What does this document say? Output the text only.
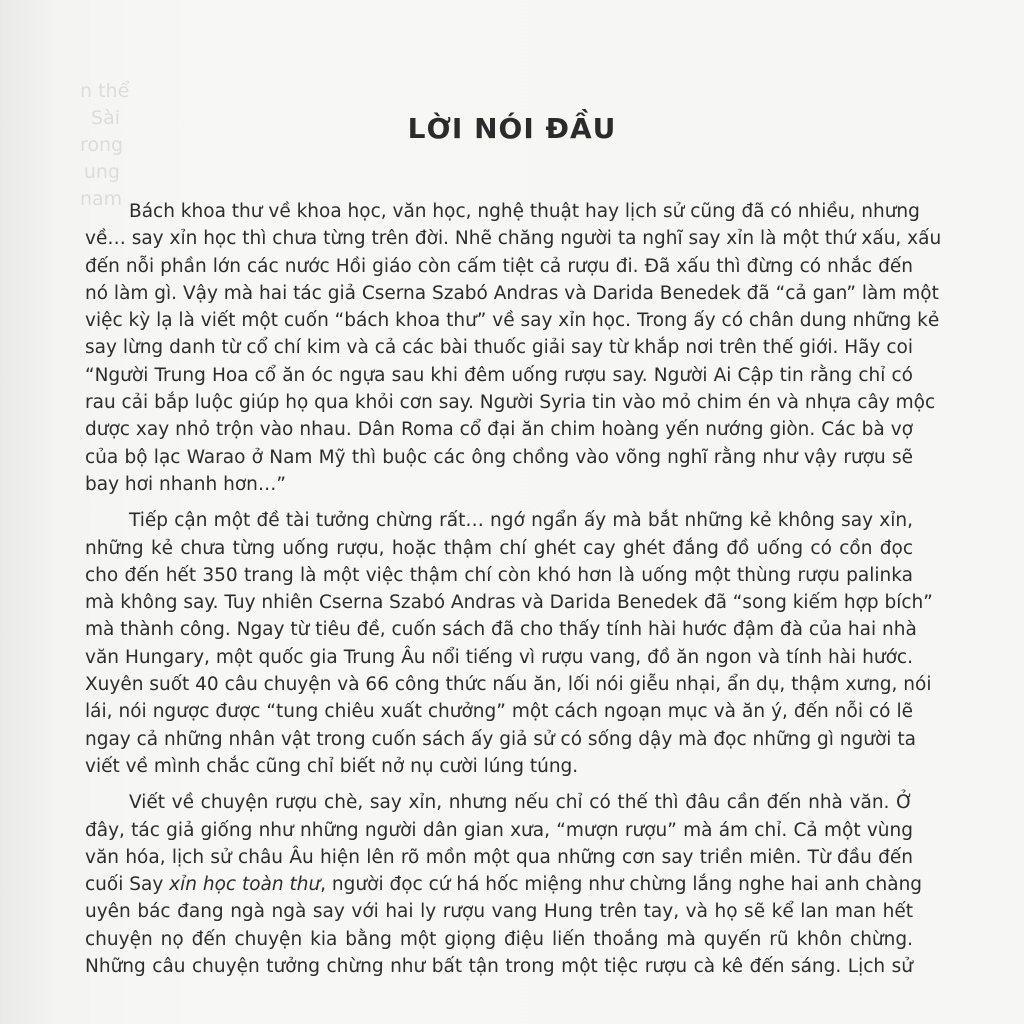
n thể
Sài
rong
ung
nam
LỜI NÓI ĐẦU
Bách khoa thư về khoa học, văn học, nghệ thuật hay lịch sử cũng đã có nhiều, nhưng
về… say xỉn học thì chưa từng trên đời. Nhẽ chăng người ta nghĩ say xỉn là một thứ xấu, xấu
đến nỗi phần lớn các nước Hồi giáo còn cấm tiệt cả rượu đi. Đã xấu thì đừng có nhắc đến
nó làm gì. Vậy mà hai tác giả Cserna Szabó Andras và Darida Benedek đã “cả gan” làm một
việc kỳ lạ là viết một cuốn “bách khoa thư” về say xỉn học. Trong ấy có chân dung những kẻ
say lừng danh từ cổ chí kim và cả các bài thuốc giải say từ khắp nơi trên thế giới. Hãy coi
“Người Trung Hoa cổ ăn óc ngựa sau khi đêm uống rượu say. Người Ai Cập tin rằng chỉ có
rau cải bắp luộc giúp họ qua khỏi cơn say. Người Syria tin vào mỏ chim én và nhựa cây mộc
dược xay nhỏ trộn vào nhau. Dân Roma cổ đại ăn chim hoàng yến nướng giòn. Các bà vợ
của bộ lạc Warao ở Nam Mỹ thì buộc các ông chồng vào võng nghĩ rằng như vậy rượu sẽ
bay hơi nhanh hơn…”
Tiếp cận một đề tài tưởng chừng rất… ngớ ngẩn ấy mà bắt những kẻ không say xỉn,
những kẻ chưa từng uống rượu, hoặc thậm chí ghét cay ghét đắng đồ uống có cồn đọc
cho đến hết 350 trang là một việc thậm chí còn khó hơn là uống một thùng rượu palinka
mà không say. Tuy nhiên Cserna Szabó Andras và Darida Benedek đã “song kiếm hợp bích”
mà thành công. Ngay từ tiêu đề, cuốn sách đã cho thấy tính hài hước đậm đà của hai nhà
văn Hungary, một quốc gia Trung Âu nổi tiếng vì rượu vang, đồ ăn ngon và tính hài hước.
Xuyên suốt 40 câu chuyện và 66 công thức nấu ăn, lối nói giễu nhại, ẩn dụ, thậm xưng, nói
lái, nói ngược được “tung chiêu xuất chưởng” một cách ngoạn mục và ăn ý, đến nỗi có lẽ
ngay cả những nhân vật trong cuốn sách ấy giả sử có sống dậy mà đọc những gì người ta
viết về mình chắc cũng chỉ biết nở nụ cười lúng túng.
Viết về chuyện rượu chè, say xỉn, nhưng nếu chỉ có thế thì đâu cần đến nhà văn. Ở
đây, tác giả giống như những người dân gian xưa, “mượn rượu” mà ám chỉ. Cả một vùng
văn hóa, lịch sử châu Âu hiện lên rõ mồn một qua những cơn say triền miên. Từ đầu đến
cuối Say xỉn học toàn thư, người đọc cứ há hốc miệng như chừng lắng nghe hai anh chàng
uyên bác đang ngà ngà say với hai ly rượu vang Hung trên tay, và họ sẽ kể lan man hết
chuyện nọ đến chuyện kia bằng một giọng điệu liến thoắng mà quyến rũ khôn chừng.
Những câu chuyện tưởng chừng như bất tận trong một tiệc rượu cà kê đến sáng. Lịch sử
